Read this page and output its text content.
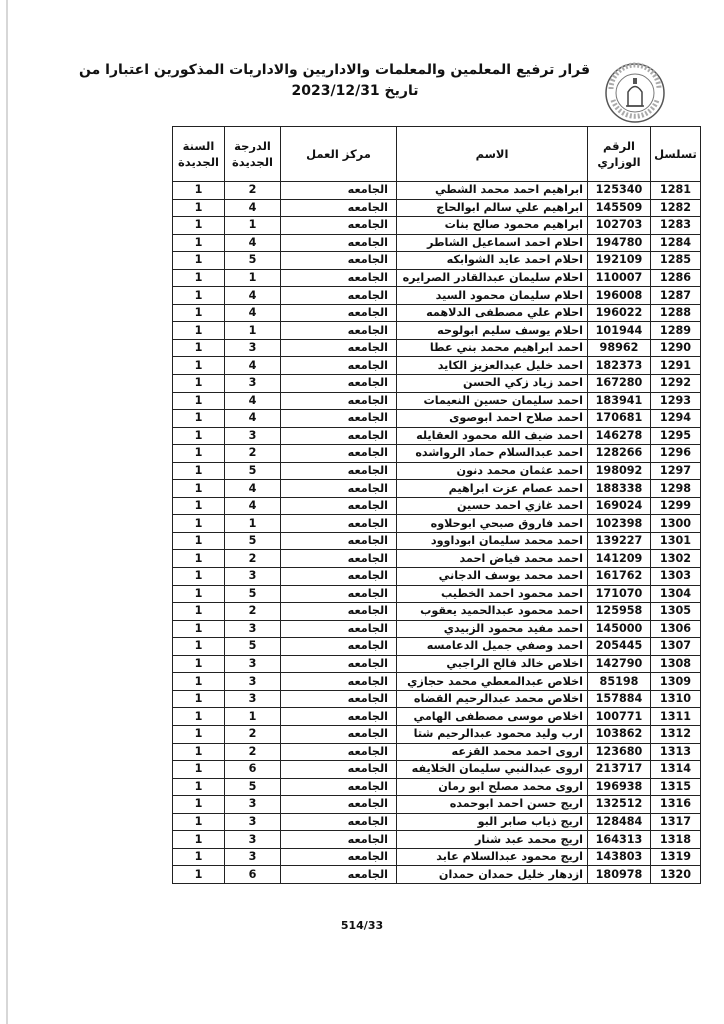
قرار ترفيع المعلمين والمعلمات والاداريين والاداريات المذكورين اعتبارا من
تاريخ 2023/12/31
تسلسل	الرقم الوزاري	الاسم	مركز العمل	الدرجة الجديدة	السنة الجديدة
1281	125340	ابراهيم احمد محمد الشطي	الجامعه	2	1
1282	145509	ابراهيم علي سالم ابوالحاج	الجامعه	4	1
1283	102703	ابراهيم محمود صالح بنات	الجامعه	1	1
1284	194780	احلام احمد اسماعيل الشاطر	الجامعه	4	1
1285	192109	احلام احمد عايد الشوابكه	الجامعه	5	1
1286	110007	احلام سليمان عبدالقادر الصرايره	الجامعه	1	1
1287	196008	احلام سليمان محمود السيد	الجامعه	4	1
1288	196022	احلام علي مصطفى الدلاهمه	الجامعه	4	1
1289	101944	احلام يوسف سليم ابولوحه	الجامعه	1	1
1290	98962	احمد ابراهيم محمد بني عطا	الجامعه	3	1
1291	182373	احمد خليل عبدالعزيز الكايد	الجامعه	4	1
1292	167280	احمد زياد زكي الحسن	الجامعه	3	1
1293	183941	احمد سليمان حسين النعيمات	الجامعه	4	1
1294	170681	احمد صلاح احمد ابوصوى	الجامعه	4	1
1295	146278	احمد ضيف الله محمود العقايله	الجامعه	3	1
1296	128266	احمد عبدالسلام حماد الرواشده	الجامعه	2	1
1297	198092	احمد عثمان محمد دنون	الجامعه	5	1
1298	188338	احمد عصام عزت ابراهيم	الجامعه	4	1
1299	169024	احمد غازي احمد حسين	الجامعه	4	1
1300	102398	احمد فاروق صبحي ابوحلاوه	الجامعه	1	1
1301	139227	احمد محمد سليمان ابوداوود	الجامعه	5	1
1302	141209	احمد محمد فياض احمد	الجامعه	2	1
1303	161762	احمد محمد يوسف الدجاني	الجامعه	3	1
1304	171070	احمد محمود احمد الخطيب	الجامعه	5	1
1305	125958	احمد محمود عبدالحميد يعقوب	الجامعه	2	1
1306	145000	احمد مفيد محمود الزبيدي	الجامعه	3	1
1307	205445	احمد وصفي جميل الدعامسه	الجامعه	5	1
1308	142790	اخلاص خالد فالح الراجبي	الجامعه	3	1
1309	85198	اخلاص عبدالمعطي محمد حجازي	الجامعه	3	1
1310	157884	اخلاص محمد عبدالرحيم القضاه	الجامعه	3	1
1311	100771	اخلاص موسى مصطفى الهامي	الجامعه	1	1
1312	103862	ارب وليد محمود عبدالرحيم شتا	الجامعه	2	1
1313	123680	اروى احمد محمد القزعه	الجامعه	2	1
1314	213717	اروى عبدالنبي سليمان الخلايفه	الجامعه	6	1
1315	196938	اروى محمد مصلح ابو رمان	الجامعه	5	1
1316	132512	اريج حسن احمد ابوحمده	الجامعه	3	1
1317	128484	اريج ذياب صابر البو	الجامعه	3	1
1318	164313	اريج محمد عبد شنار	الجامعه	3	1
1319	143803	اريج محمود عبدالسلام عابد	الجامعه	3	1
1320	180978	ازدهار خليل حمدان حمدان	الجامعه	6	1
514/33
